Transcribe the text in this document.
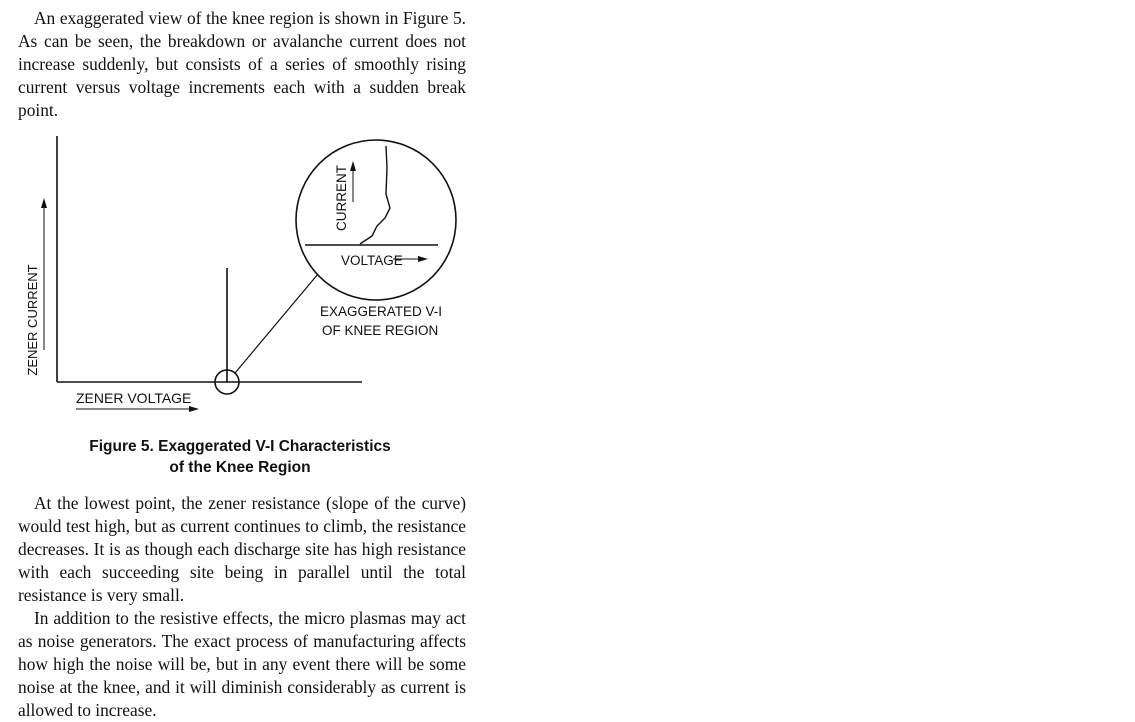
An exaggerated view of the knee region is shown in Figure 5. As can be seen, the breakdown or avalanche current does not increase suddenly, but consists of a series of smoothly rising current versus voltage increments each with a sudden break point.

At the lowest point, the zener resistance (slope of the curve) would test high, but as current continues to climb, the resistance decreases. It is as though each discharge site has high resistance with each succeeding site being in parallel until the total resistance is very small.

In addition to the resistive effects, the micro plasmas may act as noise generators. The exact process of manufacturing affects how high the noise will be, but in any event there will be some noise at the knee, and it will diminish considerably as current is allowed to increase.

ZENER CURRENT
ZENER VOLTAGE
CURRENT
VOLTAGE
EXAGGERATED V-I
OF KNEE REGION
Figure 5. Exaggerated V-I Characteristics
of the Knee Region
